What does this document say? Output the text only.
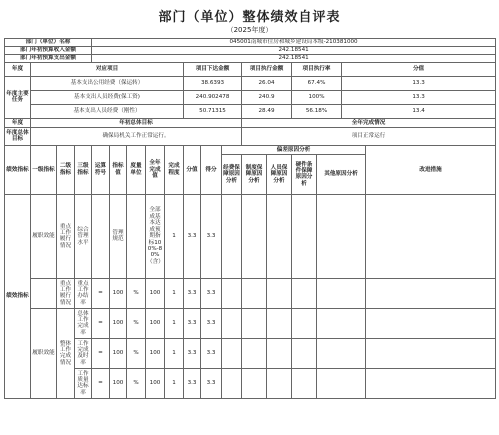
部门（单位）整体绩效自评表
（2025年度）
部门（单位）名称				045001南城市住房和城乡建设局本级-210381000														
部门年初预算收入金额				242.18541														
部门年初预算支出金额				242.18541														
年度	对应项目								项目下达金额			项目执行金额		项目执行率		分值	
年度主要任务	基本支出公用经费（保运转）								38.6393			26.04		67.4%		13.3	
	基本支出人员经费(保工资)								240.902478			240.9		100%		13.3	
	基本支出人员经费（刚性）								50.71315			28.49		56.18%		13.4	
年度	年初总体目标											全年完成情况						
年度总体目标	确保局机关工作正常运行。											项目正常运行						
绩效指标	一级指标	二级指标	三级指标	运算符号	指标值	度量单位	全年完成值	完成程度	分值	得分	偏差原因分析						改进措施	
											经费保障原因分析	制度保障原因分析	人员保障原因分析	硬件条件保障原因分析	其他原因分析			
绩效指标	履职效能	重点工作履行情况	综合管理水平		管理规范		全部成基本达成预期指标100%-80%（含）	1	3.3	3.3								
		重点工作履行情况	重点工作办结率	=	100	%	100	1	3.3	3.3								
	履职效能	整体工作完成情况	总体工作完成率	=	100	%	100	1	3.3	3.3								
			工作完成及时率	=	100	%	100	1	3.3	3.3								
			工作质量达标率	=	100	%	100	1	3.3	3.3								
